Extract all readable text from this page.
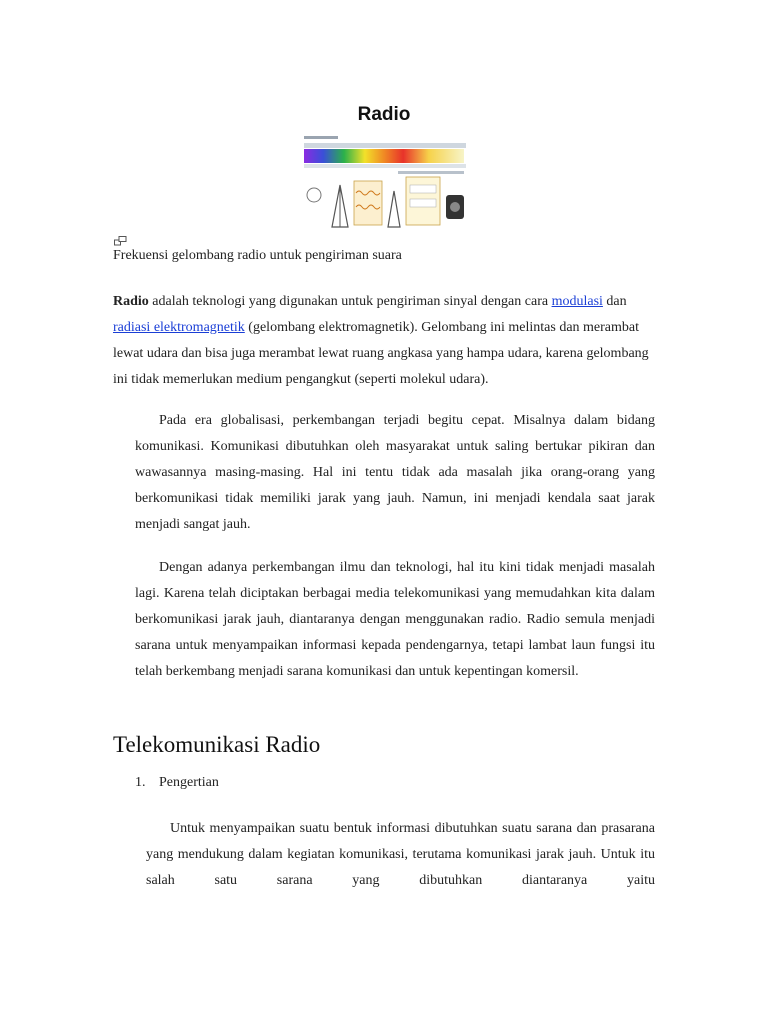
Radio

Frekuensi gelombang radio untuk pengiriman suara

Radio adalah teknologi yang digunakan untuk pengiriman sinyal dengan cara modulasi dan radiasi elektromagnetik (gelombang elektromagnetik). Gelombang ini melintas dan merambat lewat udara dan bisa juga merambat lewat ruang angkasa yang hampa udara, karena gelombang ini tidak memerlukan medium pengangkut (seperti molekul udara).

Pada era globalisasi, perkembangan terjadi begitu cepat. Misalnya dalam bidang komunikasi. Komunikasi dibutuhkan oleh masyarakat untuk saling bertukar pikiran dan wawasannya masing-masing. Hal ini tentu tidak ada masalah jika orang-orang yang berkomunikasi tidak memiliki jarak yang jauh. Namun, ini menjadi kendala saat jarak menjadi sangat jauh.

Dengan adanya perkembangan ilmu dan teknologi, hal itu kini tidak menjadi masalah lagi. Karena telah diciptakan berbagai media telekomunikasi yang memudahkan kita dalam berkomunikasi jarak jauh, diantaranya dengan menggunakan radio. Radio semula menjadi sarana untuk menyampaikan informasi kepada pendengarnya, tetapi lambat laun fungsi itu telah berkembang menjadi sarana komunikasi dan untuk kepentingan komersil.

Telekomunikasi Radio

1. Pengertian

Untuk menyampaikan suatu bentuk informasi dibutuhkan suatu sarana dan prasarana yang mendukung dalam kegiatan komunikasi, terutama komunikasi jarak jauh. Untuk itu salah satu sarana yang dibutuhkan diantaranya yaitu
